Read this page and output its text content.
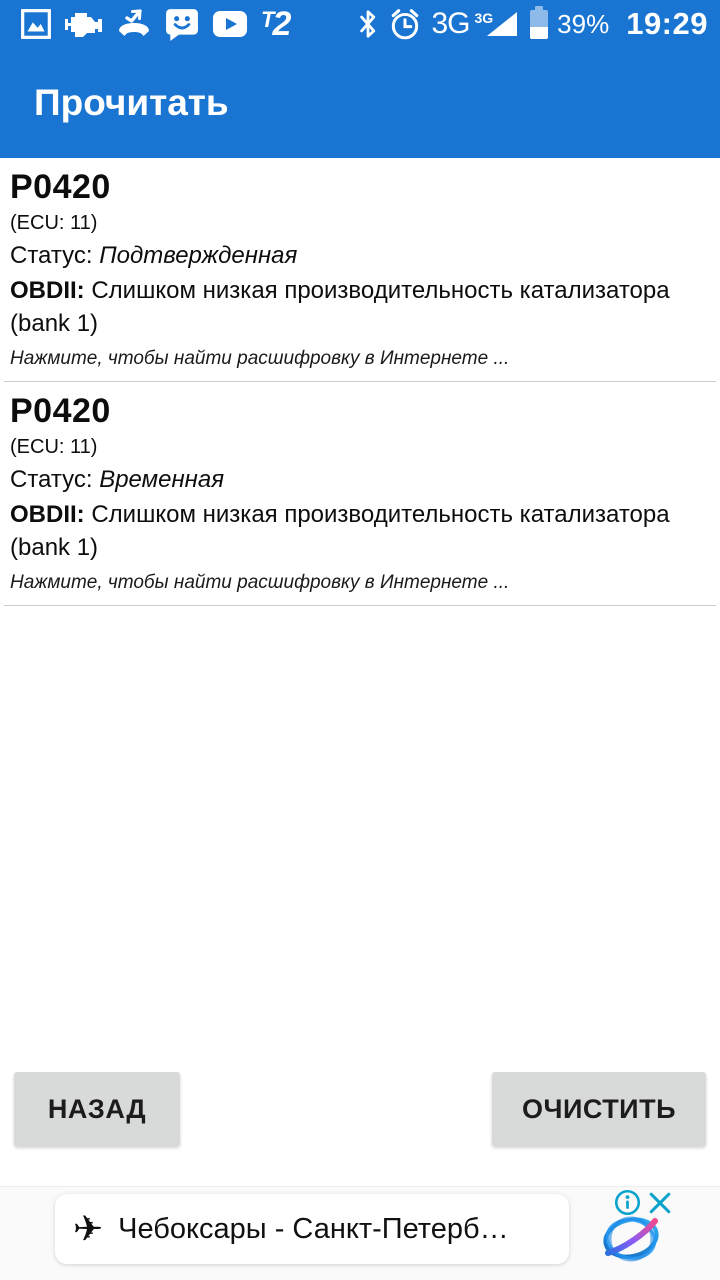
T
2	3G 3G 39% 19:29
Прочитать
P0420
(ECU: 11)
Статус: Подтвержденная
OBDII: Слишком низкая производительность катализатора (bank 1)
Нажмите, чтобы найти расшифровку в Интернете ...
P0420
(ECU: 11)
Статус: Временная
OBDII: Слишком низкая производительность катализатора (bank 1)
Нажмите, чтобы найти расшифровку в Интернете ...
НАЗАД	ОЧИСТИТЬ
✈ Чебоксары - Санкт-Петерб…
